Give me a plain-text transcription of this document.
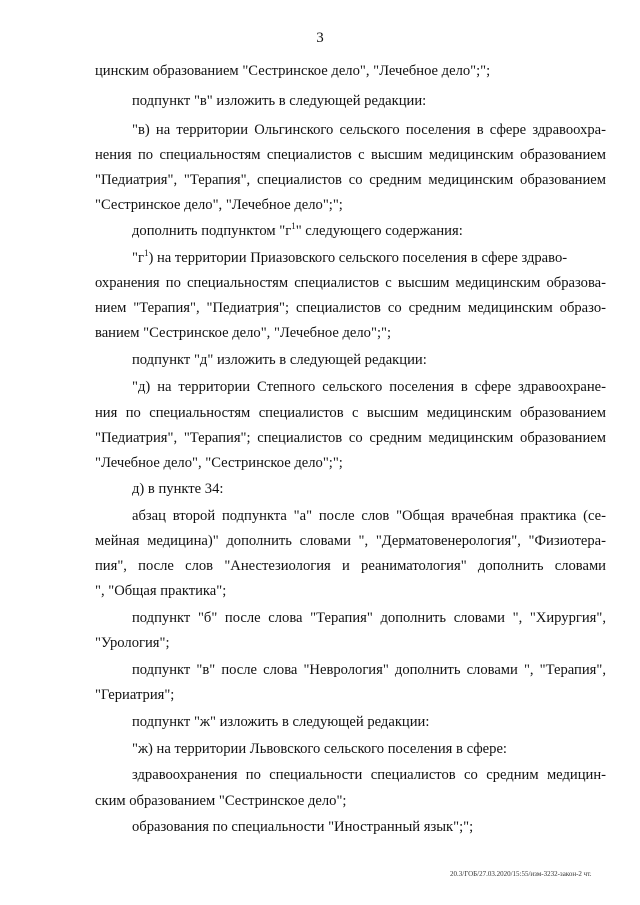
3
цинским образованием "Сестринское дело", "Лечебное дело";";
подпункт "в" изложить в следующей редакции:
"в) на территории Ольгинского сельского поселения в сфере здравоохра-
нения по специальностям специалистов с высшим медицинским образованием
"Педиатрия", "Терапия", специалистов со средним медицинским образованием
"Сестринское дело", "Лечебное дело";";
дополнить подпунктом "$г^1$" следующего содержания:
"$г^1$) на территории Приазовского сельского поселения в сфере здраво-
охранения по специальностям специалистов с высшим медицинским образова-
нием "Терапия", "Педиатрия"; специалистов со средним медицинским образо-
ванием "Сестринское дело", "Лечебное дело";";
подпункт "д" изложить в следующей редакции:
"д) на территории Степного сельского поселения в сфере здравоохране-
ния по специальностям специалистов с высшим медицинским образованием
"Педиатрия", "Терапия"; специалистов со средним медицинским образованием
"Лечебное дело", "Сестринское дело";";
д) в пункте 34:
абзац второй подпункта "а" после слов "Общая врачебная практика (се-
мейная медицина)" дополнить словами ", "Дерматовенерология", "Физиотера-
пия", после слов "Анестезиология и реаниматология" дополнить словами
", "Общая практика";
подпункт "б" после слова "Терапия" дополнить словами ", "Хирургия",
"Урология";
подпункт "в" после слова "Неврология" дополнить словами ", "Терапия",
"Гериатрия";
подпункт "ж" изложить в следующей редакции:
"ж) на территории Львовского сельского поселения в сфере:
здравоохранения по специальности специалистов со средним медицин-
ским образованием "Сестринское дело";
образования по специальности "Иностранный язык";";
20.3/ГОБ/27.03.2020/15:55/изм-3232-закон-2 чт.
